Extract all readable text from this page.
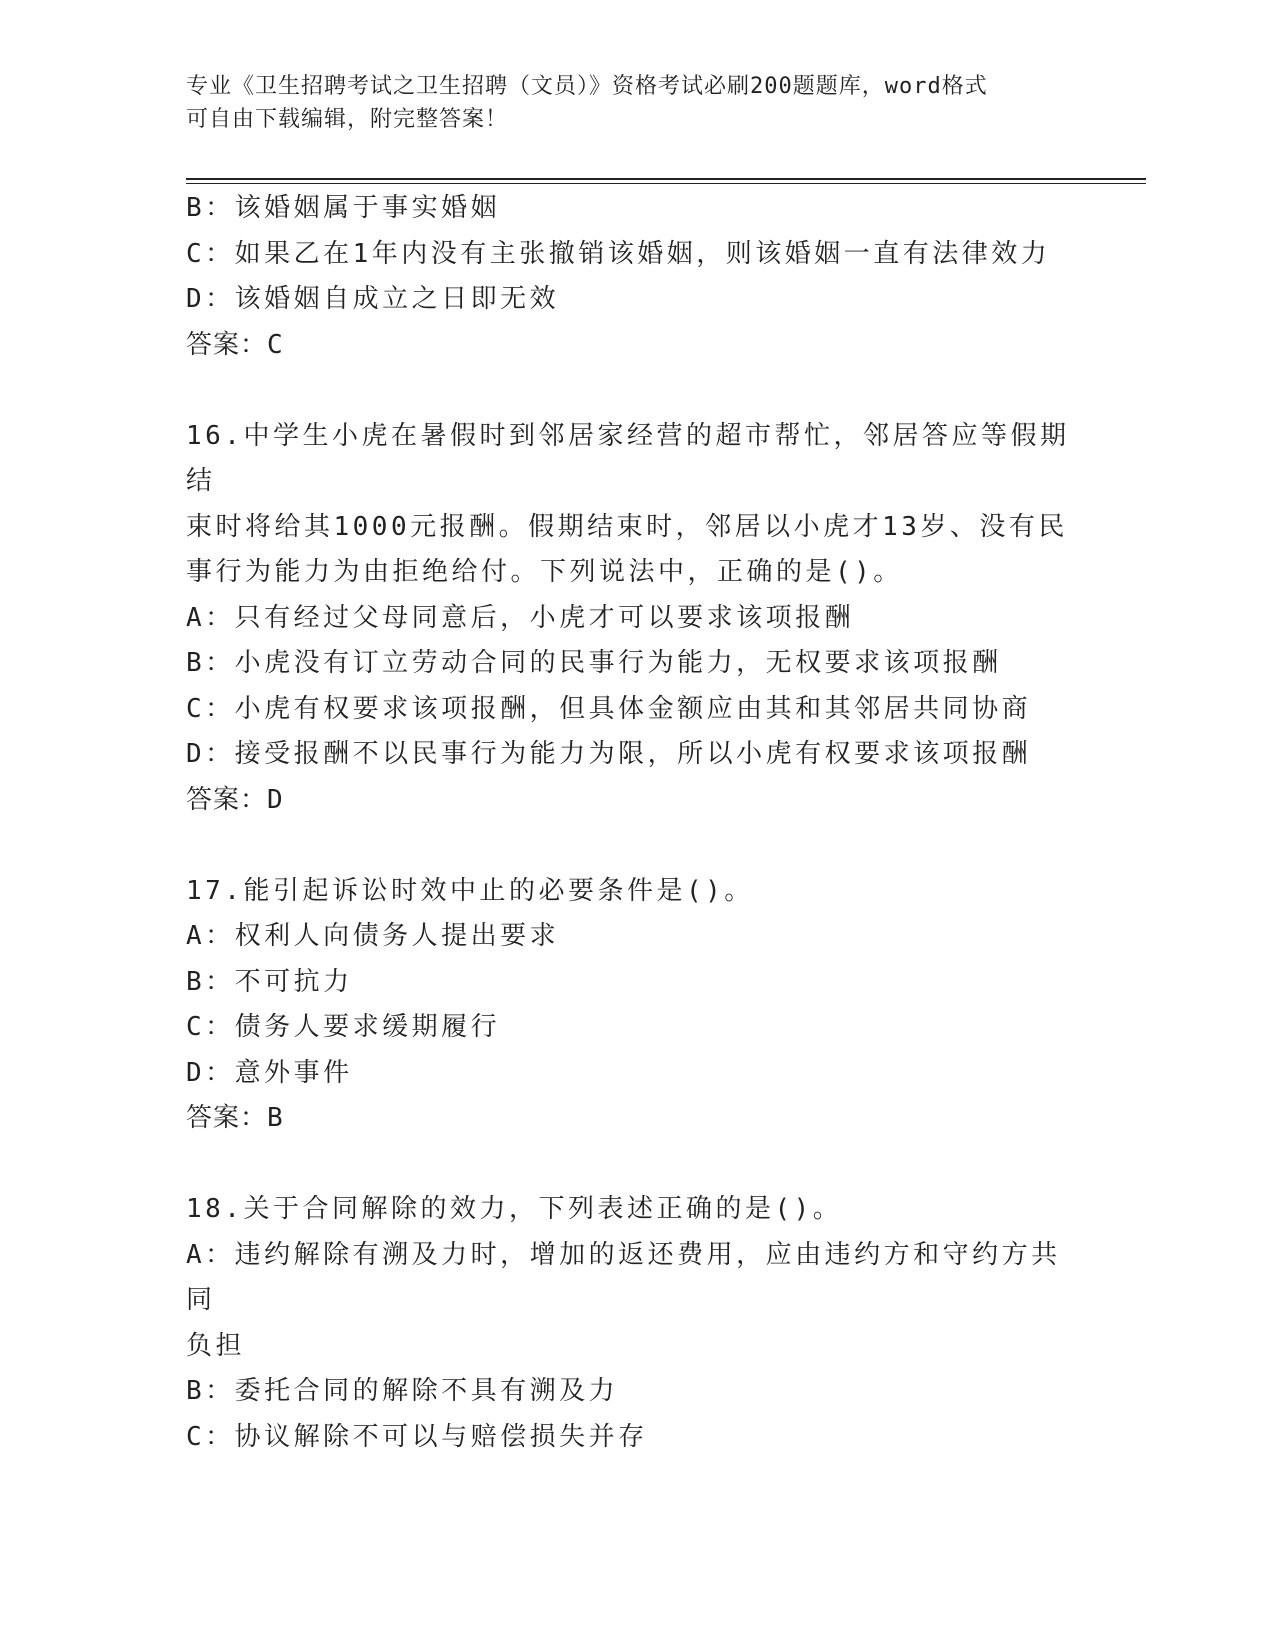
专业《卫生招聘考试之卫生招聘（文员）》资格考试必刷200题题库，word格式
可自由下载编辑，附完整答案！
B：该婚姻属于事实婚姻
C：如果乙在1年内没有主张撤销该婚姻，则该婚姻一直有法律效力
D：该婚姻自成立之日即无效
答案：C
16.中学生小虎在暑假时到邻居家经营的超市帮忙，邻居答应等假期结
束时将给其1000元报酬。假期结束时，邻居以小虎才13岁、没有民
事行为能力为由拒绝给付。下列说法中，正确的是()。
A：只有经过父母同意后，小虎才可以要求该项报酬
B：小虎没有订立劳动合同的民事行为能力，无权要求该项报酬
C：小虎有权要求该项报酬，但具体金额应由其和其邻居共同协商
D：接受报酬不以民事行为能力为限，所以小虎有权要求该项报酬
答案：D
17.能引起诉讼时效中止的必要条件是()。
A：权利人向债务人提出要求
B：不可抗力
C：债务人要求缓期履行
D：意外事件
答案：B
18.关于合同解除的效力，下列表述正确的是()。
A：违约解除有溯及力时，增加的返还费用，应由违约方和守约方共同
负担
B：委托合同的解除不具有溯及力
C：协议解除不可以与赔偿损失并存
